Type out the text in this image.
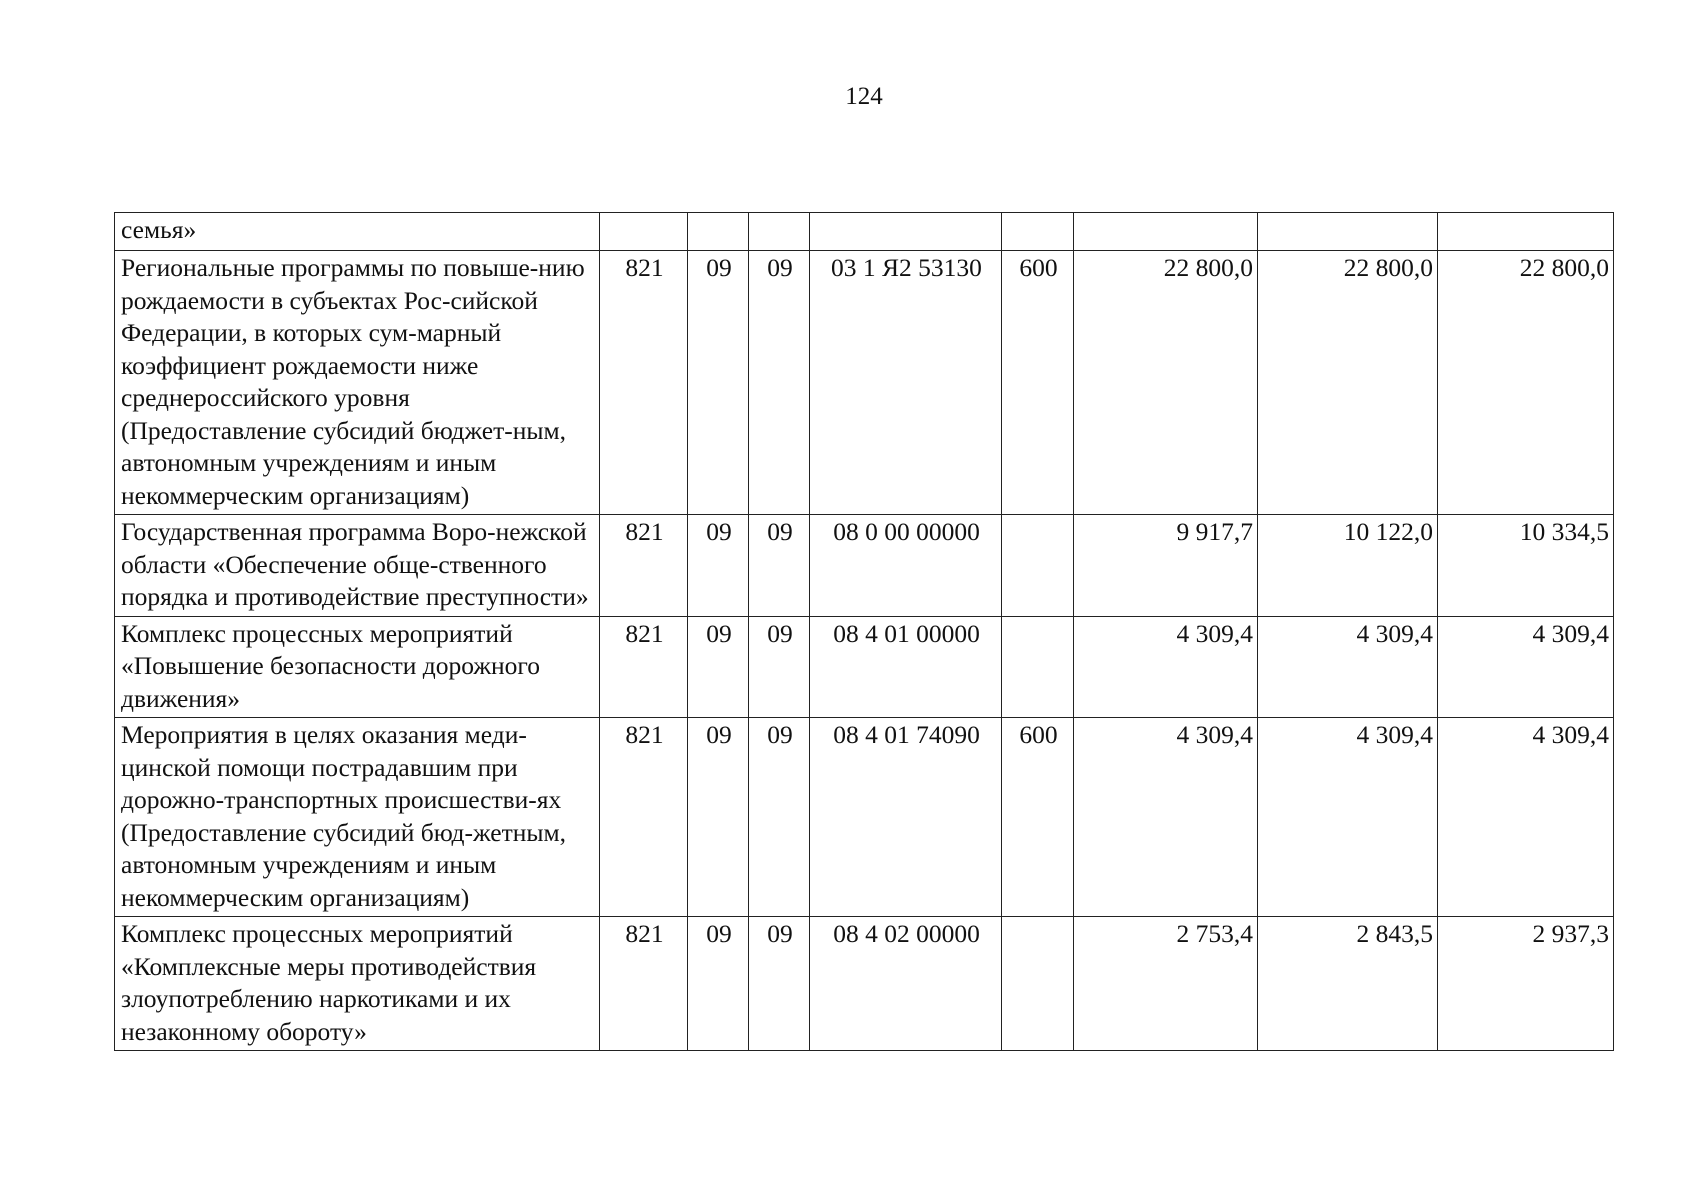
124
семья»								
Региональные программы по повыше-нию рождаемости в субъектах Рос-сийской Федерации, в которых сум-марный коэффициент рождаемости ниже среднероссийского уровня (Предоставление субсидий бюджет-ным, автономным учреждениям и иным некоммерческим организациям)	821	09	09	03 1 Я2 53130	600	22 800,0	22 800,0	22 800,0
Государственная программа Воро-нежской области «Обеспечение обще-ственного порядка и противодействие преступности»	821	09	09	08 0 00 00000		9 917,7	10 122,0	10 334,5
Комплекс процессных мероприятий «Повышение безопасности дорожного движения»	821	09	09	08 4 01 00000		4 309,4	4 309,4	4 309,4
Мероприятия в целях оказания меди-цинской помощи пострадавшим при дорожно-транспортных происшестви-ях (Предоставление субсидий бюд-жетным, автономным учреждениям и иным некоммерческим организациям)	821	09	09	08 4 01 74090	600	4 309,4	4 309,4	4 309,4
Комплекс процессных мероприятий «Комплексные меры противодействия злоупотреблению наркотиками и их незаконному обороту»	821	09	09	08 4 02 00000		2 753,4	2 843,5	2 937,3
